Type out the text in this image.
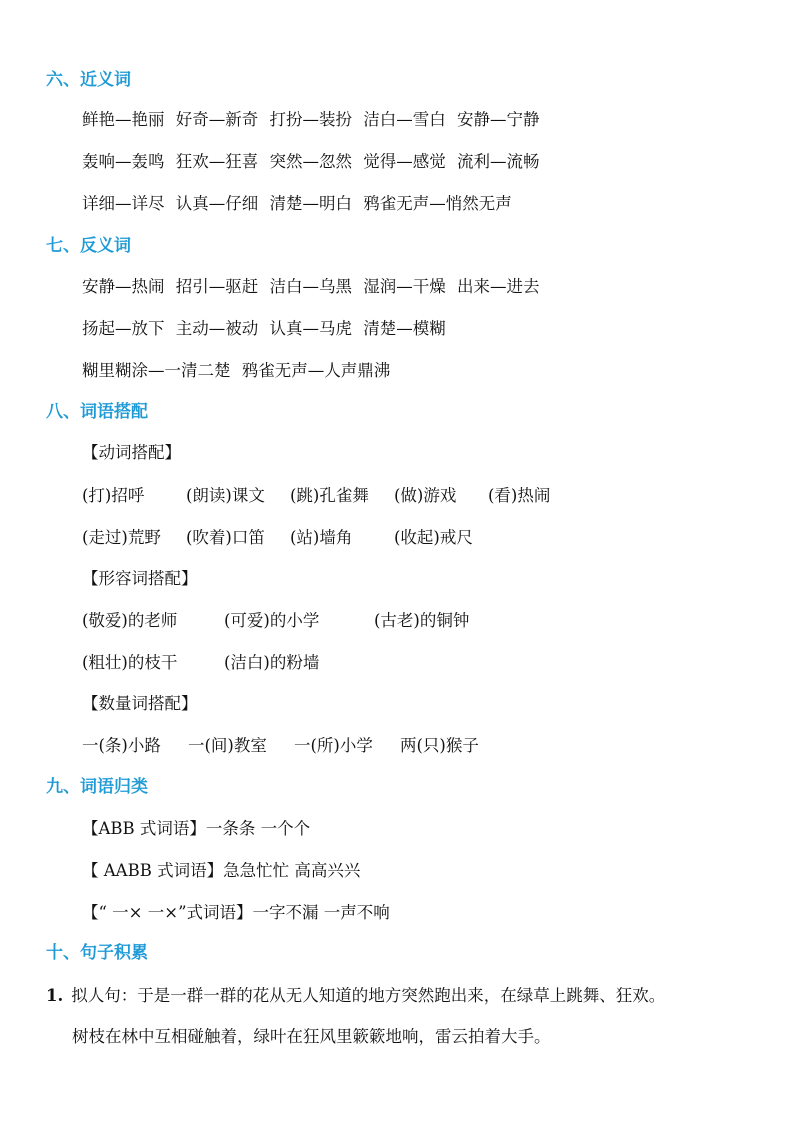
六、近义词
鲜艳—艳丽 好奇—新奇 打扮—装扮 洁白—雪白 安静—宁静
轰响—轰鸣 狂欢—狂喜 突然—忽然 觉得—感觉 流利—流畅
详细—详尽 认真—仔细 清楚—明白 鸦雀无声—悄然无声
七、反义词
安静—热闹 招引—驱赶 洁白—乌黑 湿润—干燥 出来—进去
扬起—放下 主动—被动 认真—马虎 清楚—模糊
糊里糊涂—一清二楚 鸦雀无声—人声鼎沸
八、词语搭配
【动词搭配】
(打)招呼	(朗读)课文 (跳)孔雀舞 (做)游戏 (看)热闹
(走过)荒野 (吹着)口笛 (站)墙角	(收起)戒尺
【形容词搭配】
(敬爱)的老师	(可爱)的小学	(古老)的铜钟
(粗壮)的枝干	(洁白)的粉墙
【数量词搭配】
一(条)小路 一(间)教室 一(所)小学 两(只)猴子
九、词语归类
【ABB 式词语】一条条 一个个
【 AABB 式词语】急急忙忙 高高兴兴
【“ 一× 一×”式词语】一字不漏 一声不响
十、句子积累
1. 拟人句：于是一群一群的花从无人知道的地方突然跑出来，在绿草上跳舞、狂欢。
树枝在林中互相碰触着，绿叶在狂风里簌簌地响，雷云拍着大手。
